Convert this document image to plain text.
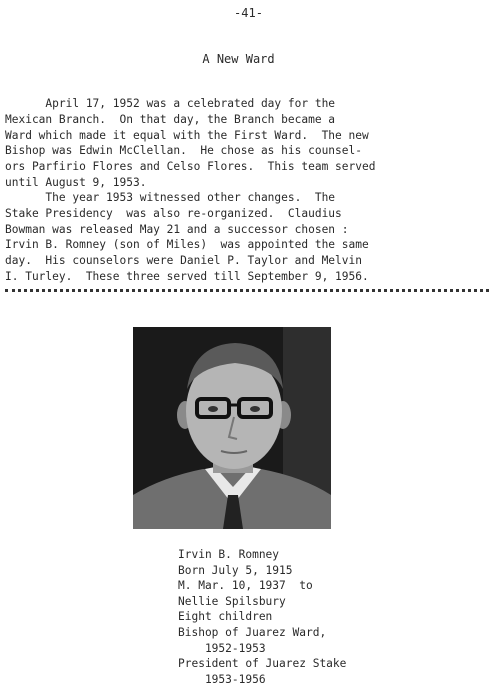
-41-
A New Ward
April 17, 1952 was a celebrated day for the
Mexican Branch.  On that day, the Branch became a
Ward which made it equal with the First Ward.  The new
Bishop was Edwin McClellan.  He chose as his counsel-
ors Parfirio Flores and Celso Flores.  This team served
until August 9, 1953.
The year 1953 witnessed other changes.  The
Stake Presidency  was also re-organized.  Claudius
Bowman was released May 21 and a successor chosen :
Irvin B. Romney (son of Miles)  was appointed the same
day.  His counselors were Daniel P. Taylor and Melvin
I. Turley.  These three served till September 9, 1956.
Irvin B. Romney
Born July 5, 1915
M. Mar. 10, 1937  to
Nellie Spilsbury
Eight children
Bishop of Juarez Ward,
1952-1953
President of Juarez Stake
1953-1956
